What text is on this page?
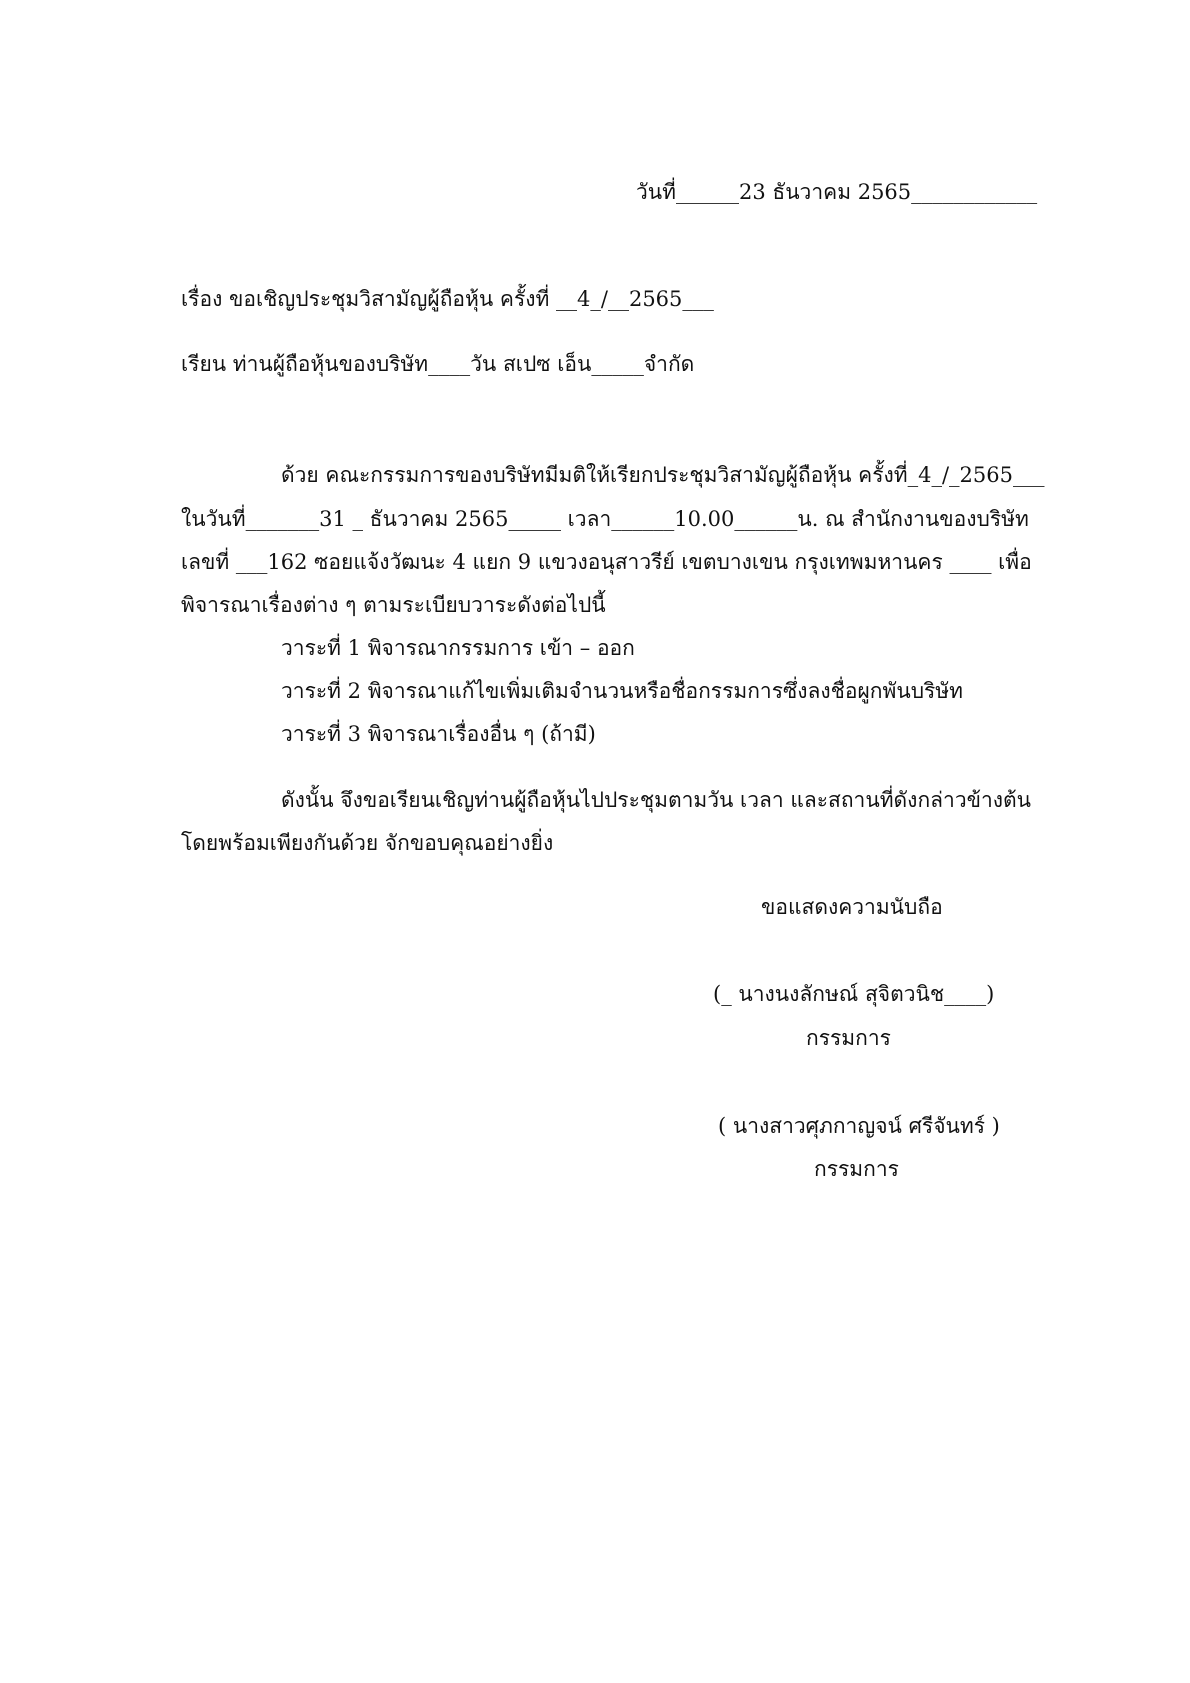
วันที่______23 ธันวาคม 2565____________
เรื่อง ขอเชิญประชุมวิสามัญผู้ถือหุ้น ครั้งที่ __4_/__2565___
เรียน ท่านผู้ถือหุ้นของบริษัท____วัน สเปซ เอ็น_____จำกัด
ด้วย คณะกรรมการของบริษัทมีมติให้เรียกประชุมวิสามัญผู้ถือหุ้น ครั้งที่_4_/_2565___
ในวันที่_______31 _ ธันวาคม 2565_____ เวลา______10.00______น. ณ สำนักงานของบริษัท
เลขที่ ___162 ซอยแจ้งวัฒนะ 4 แยก 9 แขวงอนุสาวรีย์ เขตบางเขน กรุงเทพมหานคร ____ เพื่อ
พิจารณาเรื่องต่าง ๆ ตามระเบียบวาระดังต่อไปนี้
วาระที่ 1 พิจารณากรรมการ เข้า – ออก
วาระที่ 2 พิจารณาแก้ไขเพิ่มเติมจำนวนหรือชื่อกรรมการซึ่งลงชื่อผูกพันบริษัท
วาระที่ 3 พิจารณาเรื่องอื่น ๆ (ถ้ามี)
ดังนั้น จึงขอเรียนเชิญท่านผู้ถือหุ้นไปประชุมตามวัน เวลา และสถานที่ดังกล่าวข้างต้น
โดยพร้อมเพียงกันด้วย จักขอบคุณอย่างยิ่ง
ขอแสดงความนับถือ
(_ นางนงลักษณ์ สุจิตวนิช____)
กรรมการ
( นางสาวศุภกาญจน์ ศรีจันทร์ )
กรรมการ
